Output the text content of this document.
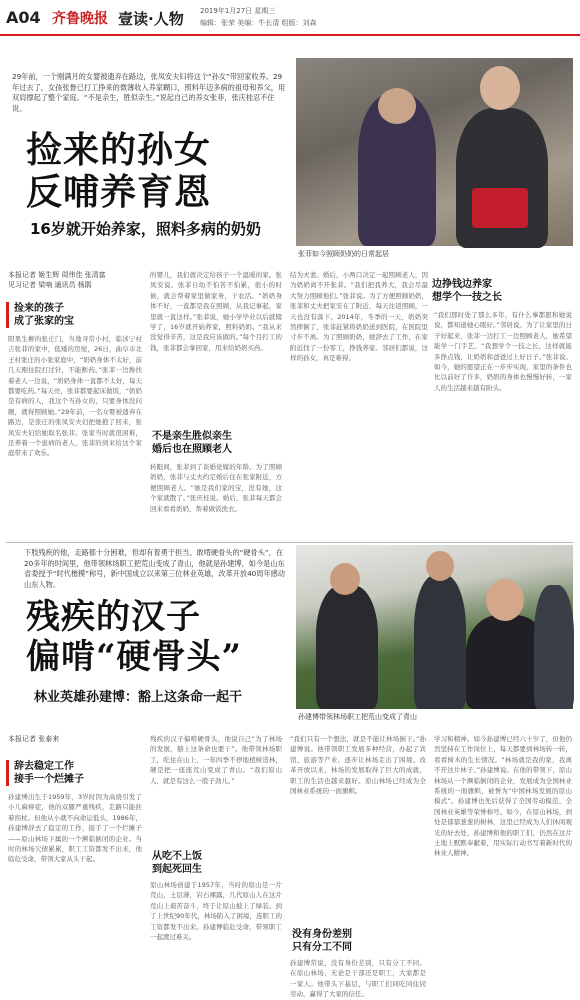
A04 齐鲁晚报 壹读·人物 2019年1月27日 星期三
编辑：张荣 美编：牛长清 组版：刘森
29年前，一个刚满月的女婴被遗弃在路边，张凤安夫妇将这个“孙女”带回家收养。29年过去了，女孩张鲁已打工挣来的微薄收入养家糊口，照料年迈多病的祖母和养父，用双肩撑起了整个家庭。“不是亲生，胜似亲生。”说起自己的养女张菲，张庆桂忍不住说。
捡来的孙女
反哺养育恩
16岁就开始养家，照料多病的奶奶
张菲如今照顾奶奶的日常起居
本报记者 姬生辉 周伟佳 张清富
见习记者 梁响 通讯员 杨鹃
捡来的孩子
成了张家的宝
阳果生柳的张庄门，当地寻常小村，临沭宁村吉张菲的家中，低矮的房屋，26日，曲阜市北王村张庄的小张家庭中，“奶奶身体不太好，前几天刚住院打过针，不能断药。”张菲一边搀扶着老人一边说，“奶奶身体一直都不太好，每天都要吃药。”每天亮，张菲都要起床做饭，“奶奶是有病的人，我这个当孙女的，只要身体没问题，就得照顾她。”29年前，一名女婴被遗弃在路边，是张庄的张凤安夫妇把她抱了回来，张凤安夫妇给她取名张菲。张家当时就很困难，还养着一个患病的老人，张菲的到来给这个家庭带来了欢乐。
的婴儿，我们就决定给孩子一个温暖的家。张凤安说。张菲自幼不怕苦不怕累，很小的时候，就会帮着家里做家务，干农活。“奶奶身体不好，一直都是我在照顾，从我记事起，家里就一直这样。”张菲说，她小学毕业以后就辍学了，16岁就开始养家，照料奶奶。“我从来没觉得辛苦，这是我应该做的。”每个月打工的钱，张菲都会拿回家，用来给奶奶买药。
不是亲生胜似亲生
婚后也在照顾老人
转眼间，张菲到了谈婚论嫁的年龄。为了照顾奶奶，张菲与丈夫约定婚后住在张家附近，方便照顾老人。“她是我们家的宝，没有她，这个家就散了。”张庆桂说。婚后，张菲每天都会回来看看奶奶，帮着做饭洗衣。
结为夫妻。婚后，小两口决定一起照顾老人，因为奶奶离不开张菲。“我们把我养大，我会尽最大努力照顾他们。”张菲说。为了方便照顾奶奶，张菲和丈夫把家安在了附近，每天往返照顾，一天也没有落下。2014年，冬季的一天，奶奶突然摔倒了，张菲赶紧将奶奶送到医院，在医院里寸步不离。为了照顾奶奶，她辞去了工作，在家附近找了一份零工，挣钱养家。邻居们都说，这样的孙女，真是难得。
边挣钱边养家
想学个一技之长
“我们那时处了那么多年，有什么事都愿和她说说，都知道她心眼好。”邻居说。为了让家里的日子好起来，张菲一边打工一边照顾老人，她希望能学一门手艺。“我想学个一技之长，这样就能多挣点钱，让奶奶和爸爸过上好日子。”张菲说。如今，她的愿望正在一步步实现，家里的条件也比以前好了许多，奶奶的身体也慢慢好转，一家人的生活越来越有盼头。
下肢残疾的他，走路都十分困难，但却有着勇于担当、敢啃硬骨头的“硬骨头”，在20多年的时间里，他带领林场职工把荒山变成了青山，他就是孙建博，如今是山东省委授予“时代楷模”称号，新中国成立以来第三位林业英雄，改革开放40周年感动山东人物。
残疾的汉子
偏啃“硬骨头”
林业英雄孙建博：豁上这条命一起干
孙建博带领林场职工把荒山变成了青山
本报记者 张泰来
辞去稳定工作
接手一个烂摊子
孙建博出生于1959年，3岁时因为高烧引发了小儿麻痹症，他的双腿严重残疾，走路只能拄着拐杖。但他从小就不向命运低头，1986年，孙建博辞去了稳定的工作，接手了一个烂摊子——原山林场下属的一个濒临倒闭的企业。当时的林场欠债累累，职工工资都发不出来，他临危受命，带领大家从头干起。
残疾的汉子偏啃硬骨头，他说自己“为了林场的发展，豁上这条命也要干”。他带领林场职工，吃住在山上，一年四季不停地植树造林，硬是把一座座荒山变成了青山。“我们原山人，就是有这么一股子劲儿。”
从吃不上饭
到起死回生
原山林场创建于1957年，当时的原山是一片荒山，土层薄，岩石裸露，几代原山人在这片荒山上艰苦奋斗，终于让原山披上了绿装。到了上世纪90年代，林场陷入了困境，连职工的工资都发不出来。孙建博临危受命，带领职工一起渡过难关。
“我们只有一个想法，就是不能让林场倒下。”孙建博说。他带领职工发展多种经营，办起了宾馆、旅游等产业，逐步让林场走出了困境。改革开放以来，林场的发展取得了巨大的成就，职工的生活也越来越好。原山林场已经成为全国林业系统的一面旗帜。
没有身份差别
只有分工不同
孙建博常说，没有身份差别，只有分工不同。在原山林场，无论是干部还是职工，大家都是一家人。他带头下基层，与职工们同吃同住同劳动，赢得了大家的信任。
学习和精神。如今孙建博已经六十岁了，但他仍然坚持在工作岗位上，每天都要到林场转一转，看看树木的生长情况。“林场就是我的家，我离不开这片林子。”孙建博说。在他的带领下，原山林场从一个濒临倒闭的企业，发展成为全国林业系统的一面旗帜，被誉为“中国林场发展的原山模式”。孙建博也先后获得了全国劳动模范、全国林业英雄等荣誉称号。如今，在原山林场，到处是郁郁葱葱的树林，这里已经成为人们休闲观光的好去处，孙建博和他的职工们，仍然在这片土地上默默奉献着，用实际行动书写着新时代的林业人精神。
